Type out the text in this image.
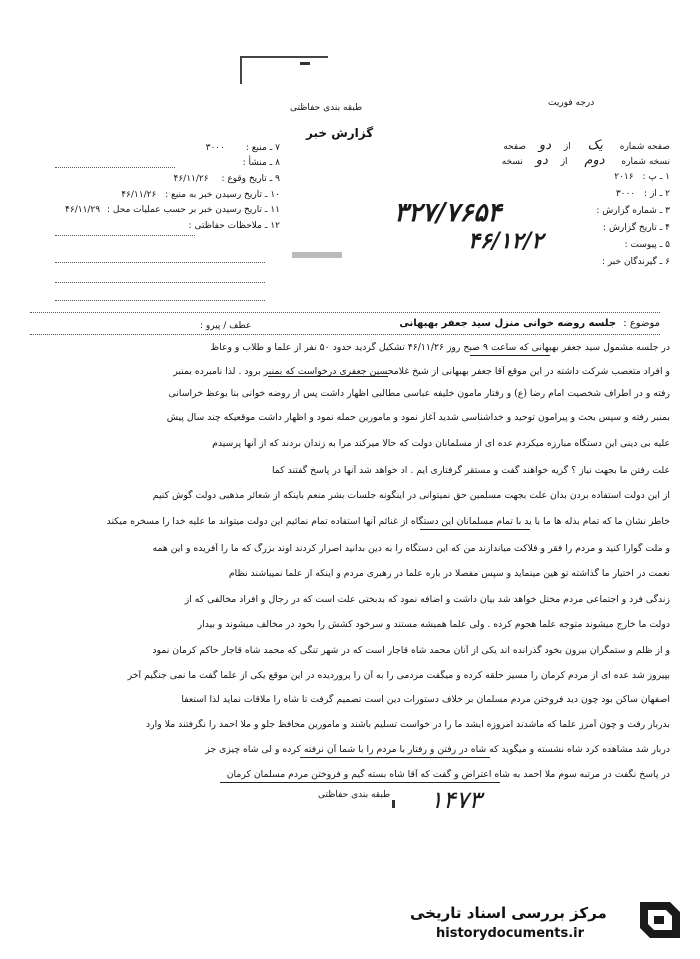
درجه فوریت
طبقه بندی حفاظتی
گزارش خبر
صفحه شماره یک از دو صفحه
نسخه شماره دوم از دو نسخه
۱ ـ پ : ۲۰۱۶
۲ ـ از : ۳۰۰۰
۳ ـ شماره گزارش :
۴ ـ تاریخ گزارش :
۵ ـ پیوست :
۶ ـ گیرندگان خبر :
۳۲۷/۷۶۵۴
۴۶/۱۲/۲
۷ ـ منبع : ۳۰۰۰
۸ ـ منشأ :
۹ ـ تاریخ وقوع : ۴۶/۱۱/۲۶
۱۰ ـ تاریخ رسیدن خبر به منبع : ۴۶/۱۱/۲۶
۱۱ ـ تاریخ رسیدن خبر بر حسب عملیات محل : ۴۶/۱۱/۲۹
۱۲ ـ ملاحظات حفاظتی :
موضوع : جلسه روضه خوانی منزل سید جعفر بهبهانی
عطف / پیرو :
در جلسه مشمول سید جعفر بهبهانی که ساعت ۹ صبح روز ۴۶/۱۱/۲۶ تشکیل گردید حدود ۵۰ نفر از علما و طلاب و وعاظ
و افراد متعصب شرکت داشته در این موقع آقا جعفر بهبهانی از شیخ غلامحسین جعفری درخواست که بمنبر برود . لذا نامبرده بمنبر
رفته و در اطراف شخصیت امام رضا (ع) و رفتار مامون خلیفه عباسی مطالبی اظهار داشت پس از روضه خوانی بنا بوعظ خراسانی
بمنبر رفته و سپس بحث و پیرامون توحید و خداشناسی شدید آغاز نمود و مامورین حمله نمود و اظهار داشت موقعیکه چند سال پیش
علیه بی دینی این دستگاه مبارزه میکردم عده ای از مسلمانان دولت که حالا میرکند مرا به زندان بردند که از آنها پرسیدم
علت رفتن ما بجهت نیاز ؟ گریه خواهند گفت و مستقر گرفتاری ایم . اد خواهد شد آنها در پاسخ گفتند کما
از این دولت استفاده بردن بدان علت بجهت مسلمین حق نمیتوانی در اینگونه جلسات بشر منعم باینکه از شعائر مذهبی دولت گوش کنیم
خاطر نشان ما که تمام بذله ها ما با ید با تمام مسلمانان این دستگاه از غنائم آنها استفاده تمام نمائیم این دولت میتواند ما علیه خدا را مسخره میکند
و ملت گوارا کنید و مردم را فقر و فلاکت میاندازند من که این دستگاه را به دین بدانید اصرار کردند اوند بزرگ که ما را آفریده و این همه
نعمت در اختیار ما گذاشته تو هین مینماید و سپس مفصلا در باره علما در رهبری مردم و اینکه از علما نمیباشند نظام
زندگی فرد و اجتماعی مردم مختل خواهد شد بیان داشت و اضافه نمود که بدبختی علت است که در رجال و افراد مخالفی که از
دولت ما خارج میشوند متوجه علما هجوم کرده . ولی علما همیشه مستند و سرخود کشش را بخود در مخالف میشوند و بیدار
و از ظلم و ستمگران بیرون بخود گذرانده اند یکی از آنان محمد شاه قاجار است که در شهر تنگی که محمد شاه قاجار حاکم کرمان نمود
بپیروز شد عده ای از مردم کرمان را مسیر حلقه کرده و میگفت مردمی را به آن را پروردیده در این موقع یکی از علما گفت ما نمی جنگیم آخر
اصفهان ساکن بود چون دید فروختن مردم مسلمان بر خلاف دستورات دین است تصمیم گرفت تا شاه را ملاقات نماید لذا استعفا
بدربار رفت و چون آمرز علما که ماشدند امروزه ایشد ما را در خواست تسلیم باشند و مامورین محافظ جلو و ملا احمد را نگرفتند ملا وارد
دربار شد مشاهده کرد شاه نشسته و میگوید که شاه در رفتن و رفتار با مردم را با شما آن نرفته کرده و لی شاه چیزی جز
در پاسخ نگفت در مرتبه سوم ملا احمد به شاه اعتراض و گفت که آقا شاه بسته گیم و فروختن مردم مسلمان کرمان
طبقه بندی حفاظتی ۱۴۷۳
مرکز بررسی اسناد تاریخی
historydocuments.ir
